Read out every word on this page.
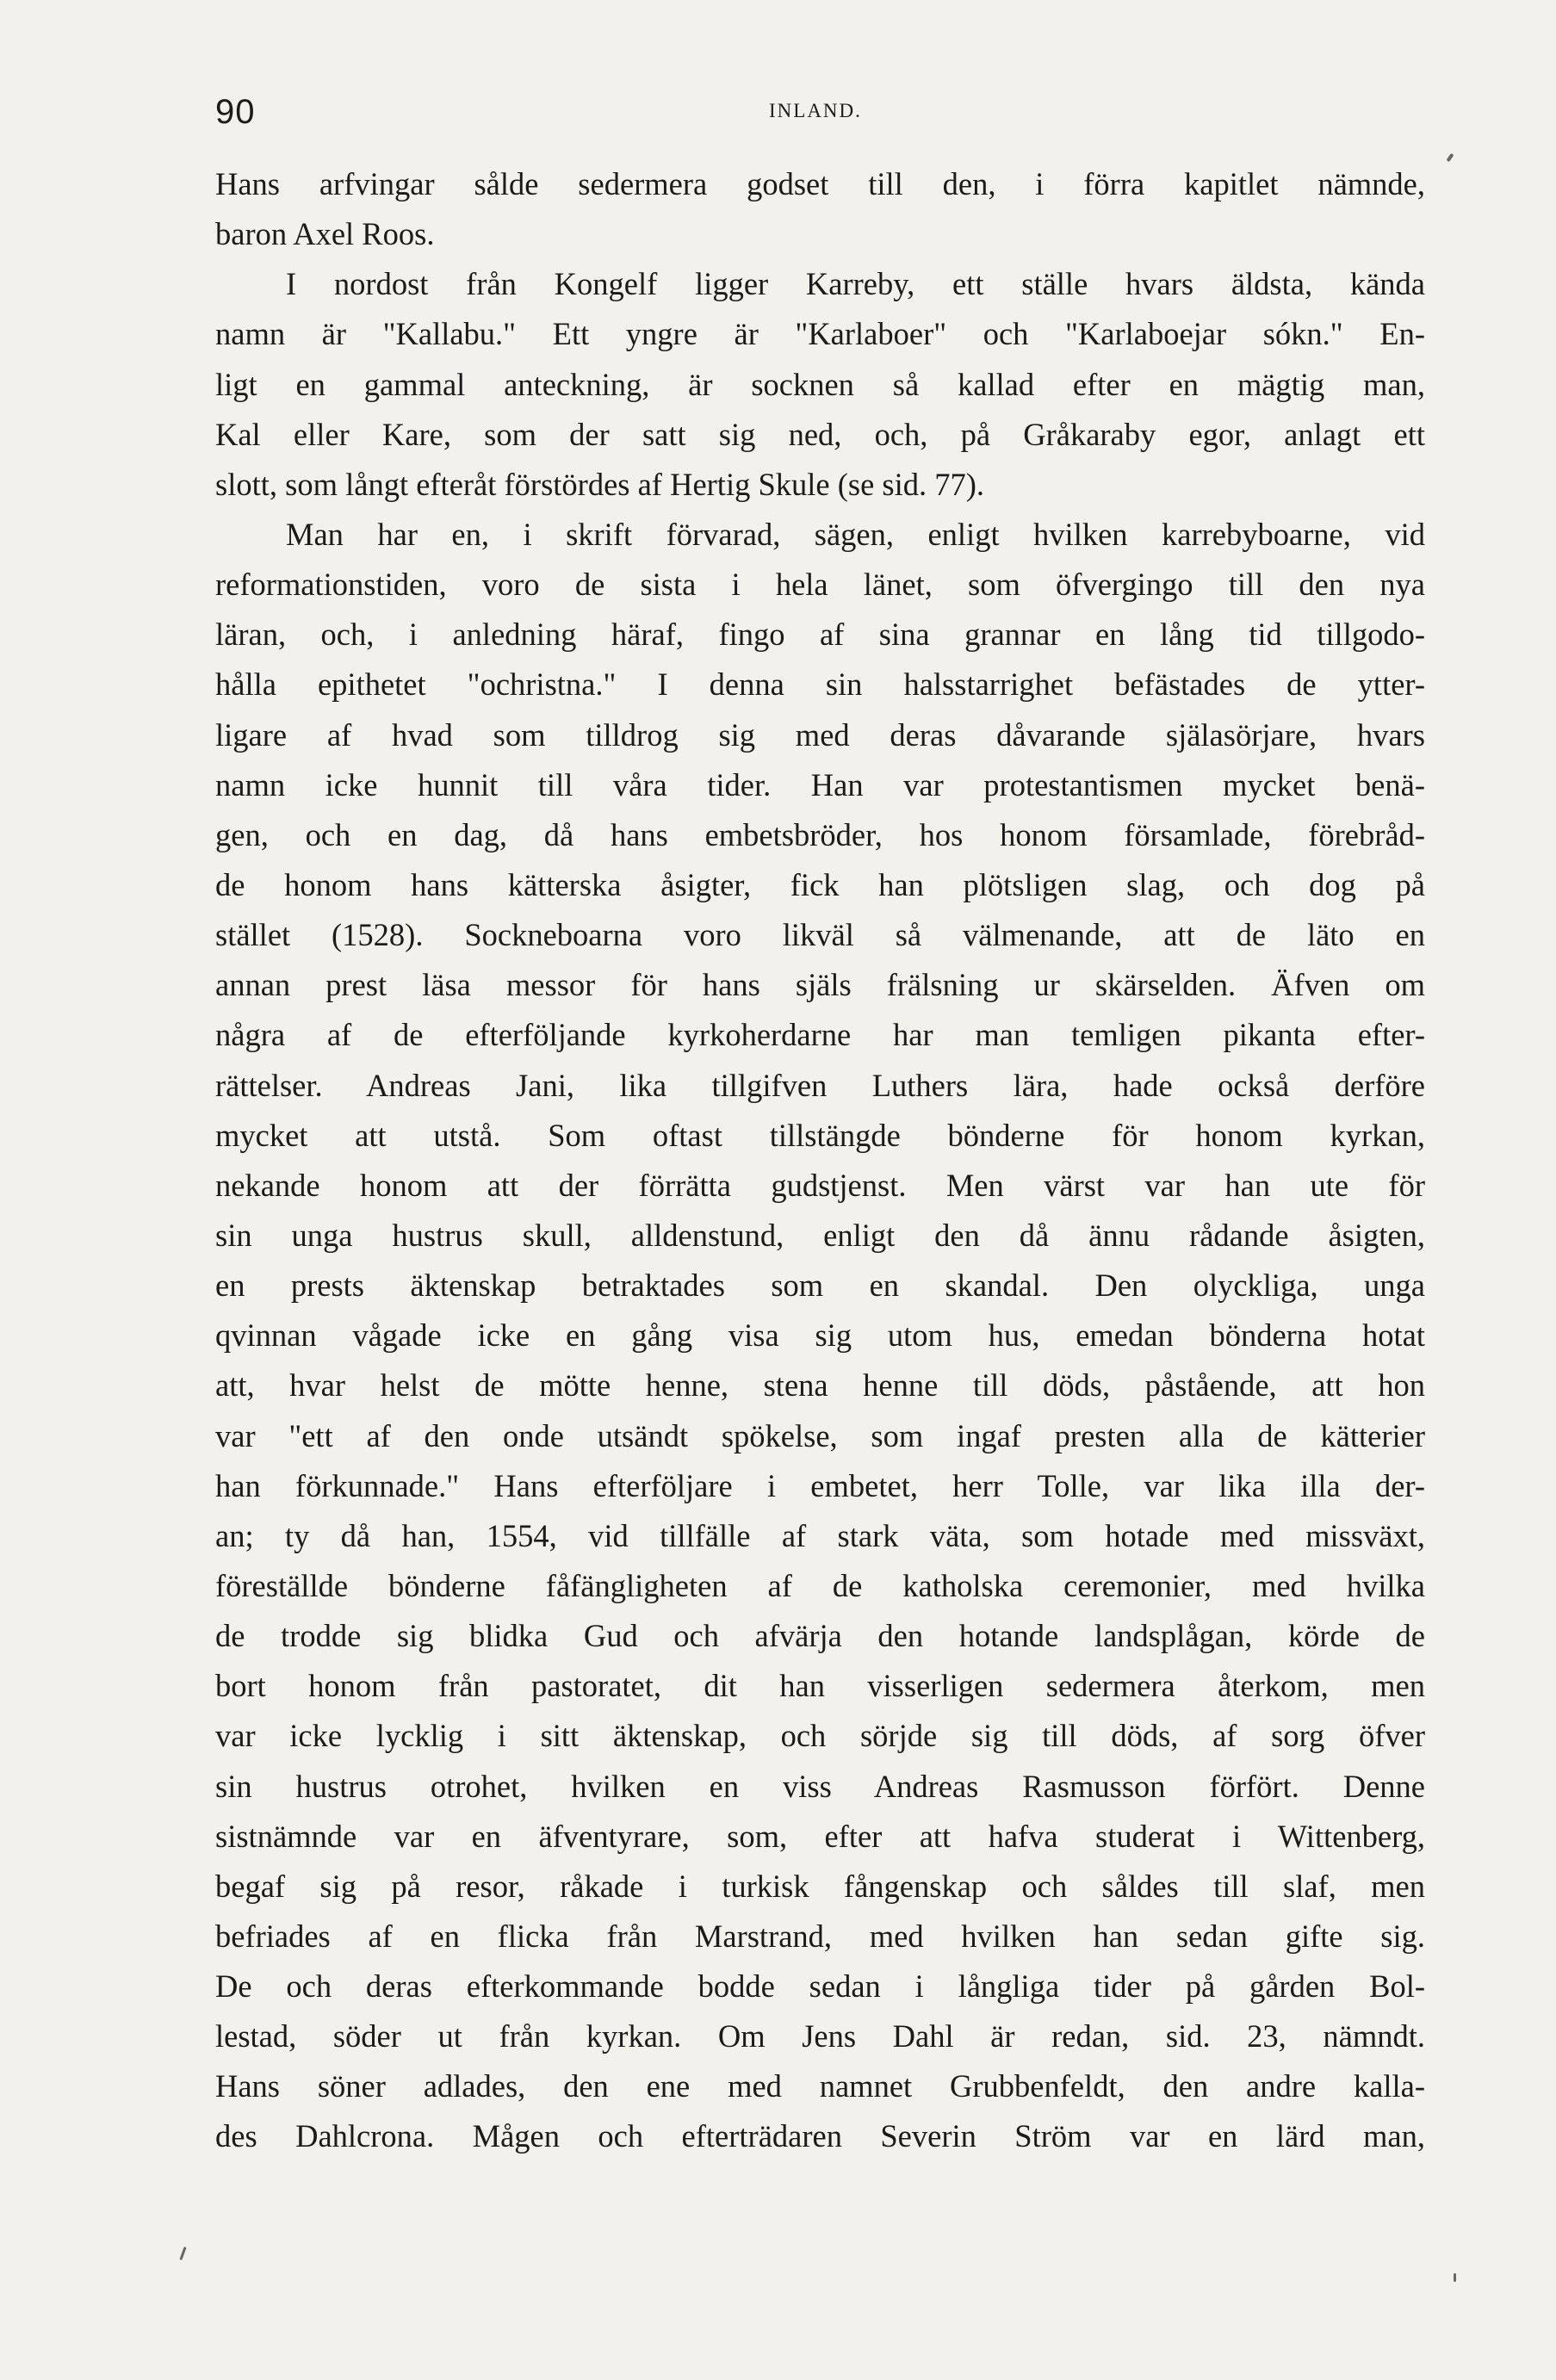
90	INLAND.
Hans arfvingar sålde sedermera godset till den, i förra kapitlet nämnde,
baron Axel Roos.
I nordost från Kongelf ligger Karreby, ett ställe hvars äldsta, kända
namn är "Kallabu." Ett yngre är "Karlaboer" och "Karlaboejar sókn." En-
ligt en gammal anteckning, är socknen så kallad efter en mägtig man,
Kal eller Kare, som der satt sig ned, och, på Gråkaraby egor, anlagt ett
slott, som långt efteråt förstördes af Hertig Skule (se sid. 77).
Man har en, i skrift förvarad, sägen, enligt hvilken karrebyboarne, vid
reformationstiden, voro de sista i hela länet, som öfvergingo till den nya
läran, och, i anledning häraf, fingo af sina grannar en lång tid tillgodo-
hålla epithetet "ochristna." I denna sin halsstarrighet befästades de ytter-
ligare af hvad som tilldrog sig med deras dåvarande själasörjare, hvars
namn icke hunnit till våra tider. Han var protestantismen mycket benä-
gen, och en dag, då hans embetsbröder, hos honom församlade, förebråd-
de honom hans kätterska åsigter, fick han plötsligen slag, och dog på
stället (1528). Sockneboarna voro likväl så välmenande, att de läto en
annan prest läsa messor för hans själs frälsning ur skärselden. Äfven om
några af de efterföljande kyrkoherdarne har man temligen pikanta efter-
rättelser. Andreas Jani, lika tillgifven Luthers lära, hade också derföre
mycket att utstå. Som oftast tillstängde bönderne för honom kyrkan,
nekande honom att der förrätta gudstjenst. Men värst var han ute för
sin unga hustrus skull, alldenstund, enligt den då ännu rådande åsigten,
en prests äktenskap betraktades som en skandal. Den olyckliga, unga
qvinnan vågade icke en gång visa sig utom hus, emedan bönderna hotat
att, hvar helst de mötte henne, stena henne till döds, påstående, att hon
var "ett af den onde utsändt spökelse, som ingaf presten alla de kätterier
han förkunnade." Hans efterföljare i embetet, herr Tolle, var lika illa der-
an; ty då han, 1554, vid tillfälle af stark väta, som hotade med missväxt,
föreställde bönderne fåfängligheten af de katholska ceremonier, med hvilka
de trodde sig blidka Gud och afvärja den hotande landsplågan, körde de
bort honom från pastoratet, dit han visserligen sedermera återkom, men
var icke lycklig i sitt äktenskap, och sörjde sig till döds, af sorg öfver
sin hustrus otrohet, hvilken en viss Andreas Rasmusson förfört. Denne
sistnämnde var en äfventyrare, som, efter att hafva studerat i Wittenberg,
begaf sig på resor, råkade i turkisk fångenskap och såldes till slaf, men
befriades af en flicka från Marstrand, med hvilken han sedan gifte sig.
De och deras efterkommande bodde sedan i långliga tider på gården Bol-
lestad, söder ut från kyrkan. Om Jens Dahl är redan, sid. 23, nämndt.
Hans söner adlades, den ene med namnet Grubbenfeldt, den andre kalla-
des Dahlcrona. Mågen och efterträdaren Severin Ström var en lärd man,
